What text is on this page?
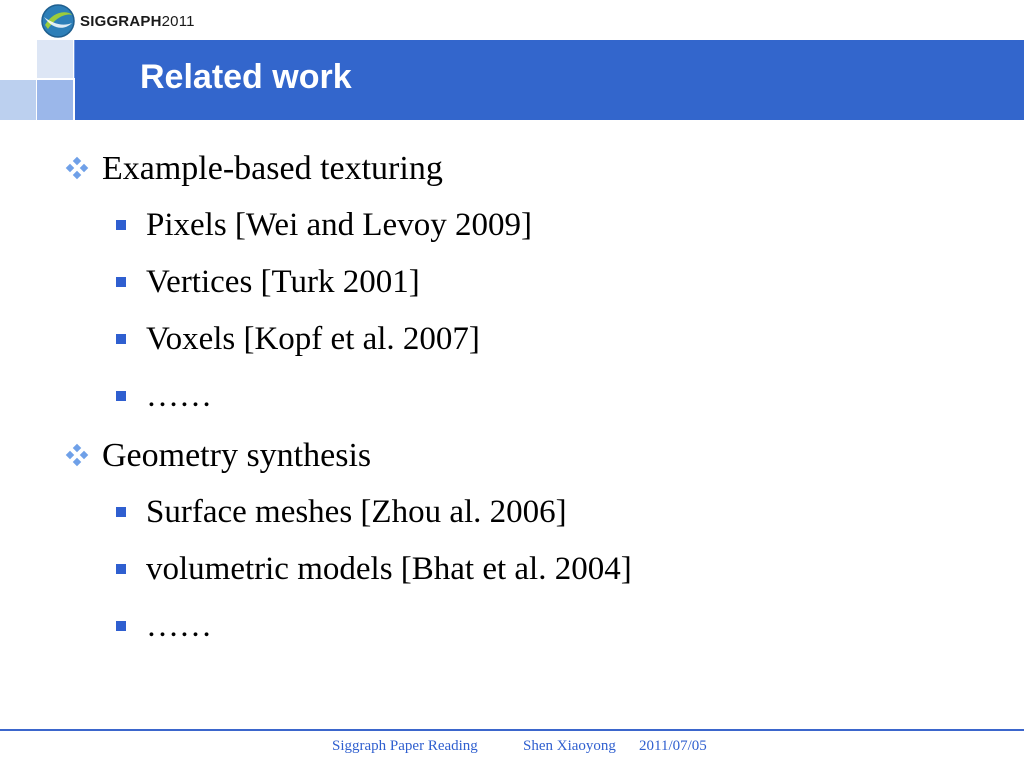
SIGGRAPH2011
Related work
Example-based texturing
Pixels [Wei and Levoy 2009]
Vertices [Turk 2001]
Voxels [Kopf et al. 2007]
……
Geometry synthesis
Surface meshes [Zhou al. 2006]
volumetric models [Bhat et al. 2004]
……
Siggraph Paper Reading	Shen Xiaoyong 2011/07/05
